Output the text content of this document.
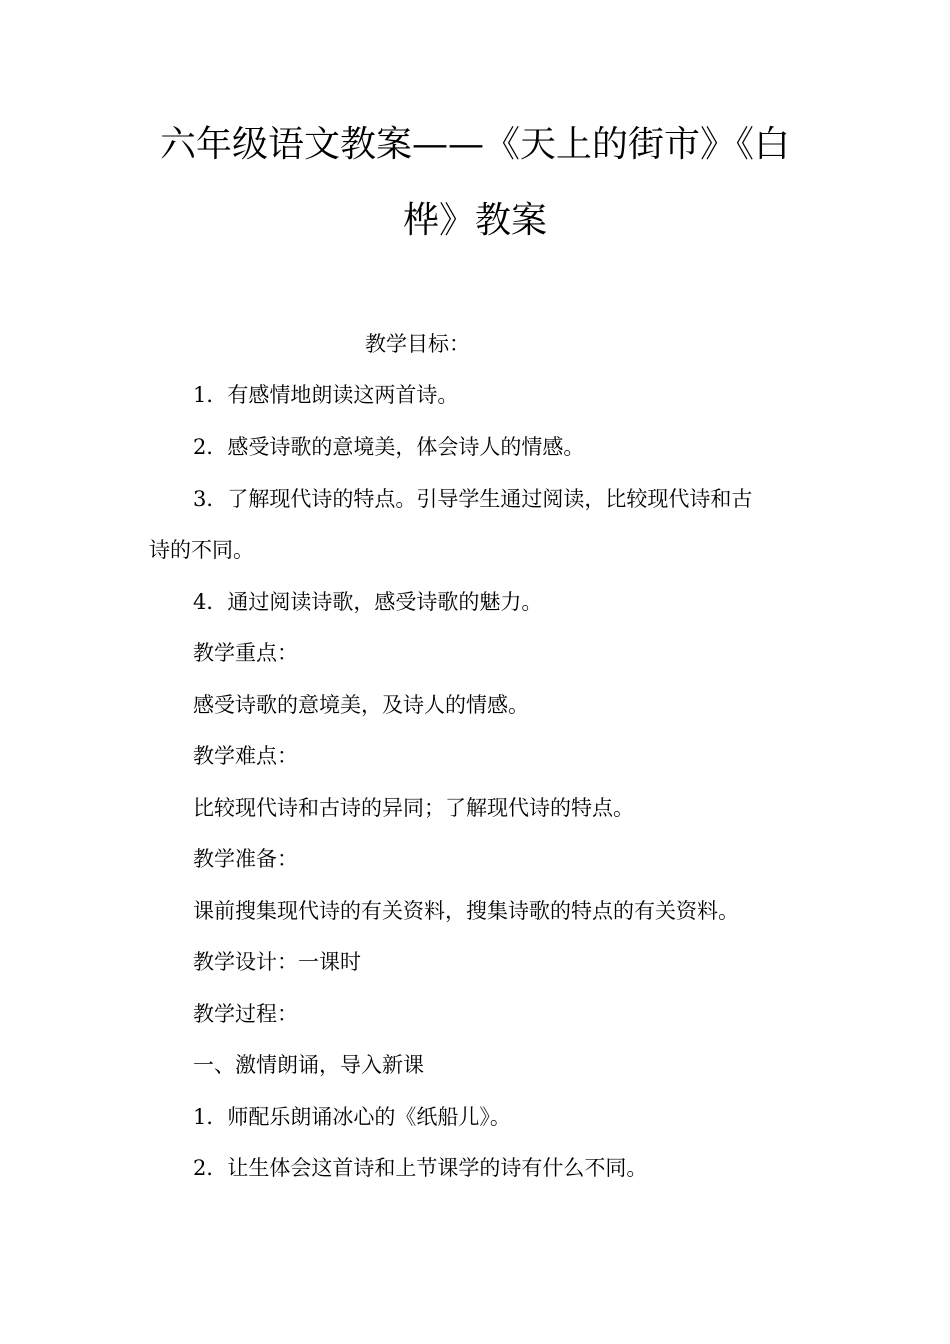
六年级语文教案——《天上的街市》《白
桦》教案
教学目标：
1．有感情地朗读这两首诗。
2．感受诗歌的意境美，体会诗人的情感。
3．了解现代诗的特点。引导学生通过阅读，比较现代诗和古
诗的不同。
4．通过阅读诗歌，感受诗歌的魅力。
教学重点：
感受诗歌的意境美，及诗人的情感。
教学难点：
比较现代诗和古诗的异同；了解现代诗的特点。
教学准备：
课前搜集现代诗的有关资料，搜集诗歌的特点的有关资料。
教学设计：一课时
教学过程：
一、激情朗诵，导入新课
1．师配乐朗诵冰心的《纸船儿》。
2．让生体会这首诗和上节课学的诗有什么不同。
